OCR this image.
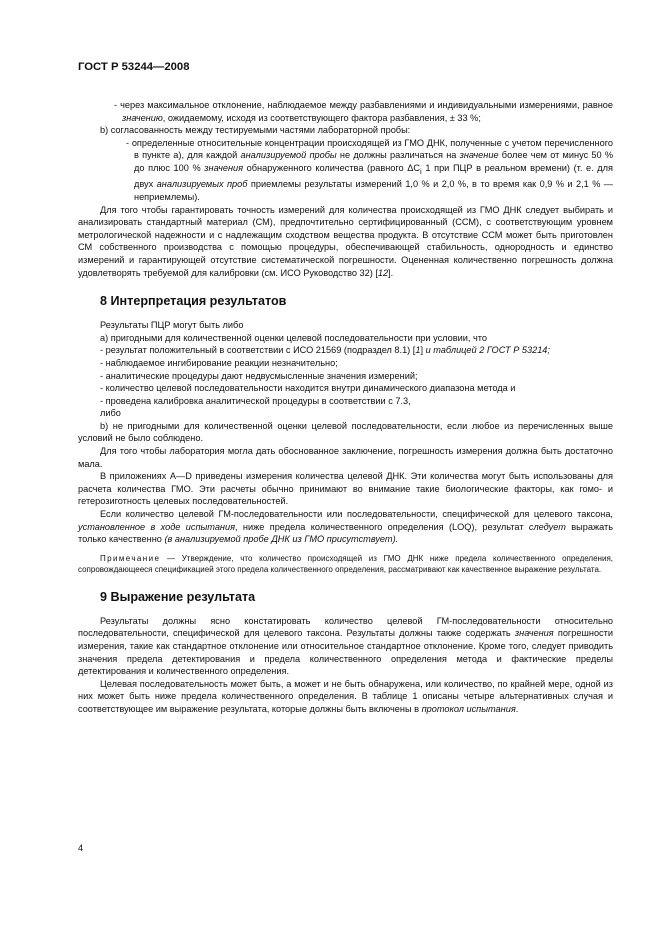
ГОСТ Р 53244—2008

- через максимальное отклонение, наблюдаемое между разбавлениями и индивидуальными измерениями, равное значению, ожидаемому, исходя из соответствующего фактора разбавления, ± 33 %;

b) согласованность между тестируемыми частями лабораторной пробы:

- определенные относительные концентрации происходящей из ГМО ДНК, полученные с учетом перечисленного в пункте а), для каждой анализируемой пробы не должны различаться на значение более чем от минус 50 % до плюс 100 % значения обнаруженного количества (равного $\Delta C_i$ 1 при ПЦР в реальном времени) (т. е. для двух анализируемых проб приемлемы результаты измерений 1,0 % и 2,0 %, в то время как 0,9 % и 2,1 % — неприемлемы).

Для того чтобы гарантировать точность измерений для количества происходящей из ГМО ДНК следует выбирать и анализировать стандартный материал (СМ), предпочтительно сертифицированный (ССМ), с соответствующим уровнем метрологической надежности и с надлежащим сходством вещества продукта. В отсутствие ССМ может быть приготовлен СМ собственного производства с помощью процедуры, обеспечивающей стабильность, однородность и единство измерений и гарантирующей отсутствие систематической погрешности. Оцененная количественно погрешность должна удовлетворять требуемой для калибровки (см. ИСО Руководство 32) [12].

8 Интерпретация результатов

Результаты ПЦР могут быть либо

а) пригодными для количественной оценки целевой последовательности при условии, что

- результат положительный в соответствии с ИСО 21569 (подраздел 8.1) [1] и таблицей 2 ГОСТ Р 53214;

- наблюдаемое ингибирование реакции незначительно;

- аналитические процедуры дают недвусмысленные значения измерений;

- количество целевой последовательности находится внутри динамического диапазона метода и

- проведена калибровка аналитической процедуры в соответствии с 7.3,

либо

b) не пригодными для количественной оценки целевой последовательности, если любое из перечисленных выше условий не было соблюдено.

Для того чтобы лаборатория могла дать обоснованное заключение, погрешность измерения должна быть достаточно мала.

В приложениях А—D приведены измерения количества целевой ДНК. Эти количества могут быть использованы для расчета количества ГМО. Эти расчеты обычно принимают во внимание такие биологические факторы, как гомо- и гетерозиготность целевых последовательностей.

Если количество целевой ГМ-последовательности или последовательности, специфической для целевого таксона, установленное в ходе испытания, ниже предела количественного определения (LOQ), результат следует выражать только качественно (в анализируемой пробе ДНК из ГМО присутствует).

Примечание — Утверждение, что количество происходящей из ГМО ДНК ниже предела количественного определения, сопровождающееся спецификацией этого предела количественного определения, рассматривают как качественное выражение результата.

9 Выражение результата

Результаты должны ясно констатировать количество целевой ГМ-последовательности относительно последовательности, специфической для целевого таксона. Результаты должны также содержать значения погрешности измерения, такие как стандартное отклонение или относительное стандартное отклонение. Кроме того, следует приводить значения предела детектирования и предела количественного определения метода и фактические пределы детектирования и количественного определения.

Целевая последовательность может быть, а может и не быть обнаружена, или количество, по крайней мере, одной из них может быть ниже предела количественного определения. В таблице 1 описаны четыре альтернативных случая и соответствующее им выражение результата, которые должны быть включены в протокол испытания.

4
